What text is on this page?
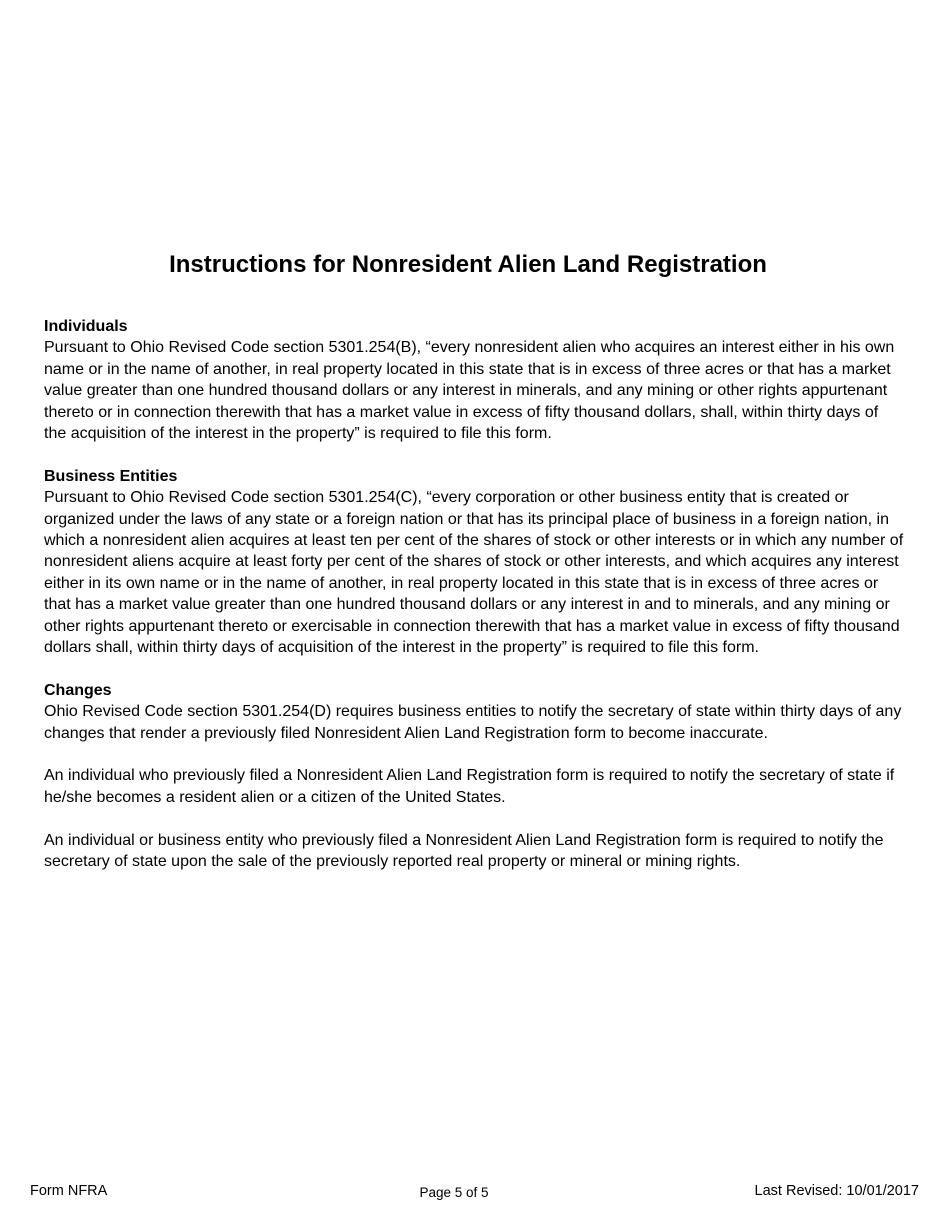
Instructions for Nonresident Alien Land Registration

Individuals

Pursuant to Ohio Revised Code section 5301.254(B), “every nonresident alien who acquires an interest either in his own name or in the name of another, in real property located in this state that is in excess of three acres or that has a market value greater than one hundred thousand dollars or any interest in minerals, and any mining or other rights appurtenant thereto or in connection therewith that has a market value in excess of fifty thousand dollars, shall, within thirty days of the acquisition of the interest in the property” is required to file this form.

Business Entities

Pursuant to Ohio Revised Code section 5301.254(C), “every corporation or other business entity that is created or organized under the laws of any state or a foreign nation or that has its principal place of business in a foreign nation, in which a nonresident alien acquires at least ten per cent of the shares of stock or other interests or in which any number of nonresident aliens acquire at least forty per cent of the shares of stock or other interests, and which acquires any interest either in its own name or in the name of another, in real property located in this state that is in excess of three acres or that has a market value greater than one hundred thousand dollars or any interest in and to minerals, and any mining or other rights appurtenant thereto or exercisable in connection therewith that has a market value in excess of fifty thousand dollars shall, within thirty days of acquisition of the interest in the property” is required to file this form.

Changes

Ohio Revised Code section 5301.254(D) requires business entities to notify the secretary of state within thirty days of any changes that render a previously filed Nonresident Alien Land Registration form to become inaccurate.

An individual who previously filed a Nonresident Alien Land Registration form is required to notify the secretary of state if he/she becomes a resident alien or a citizen of the United States.

An individual or business entity who previously filed a Nonresident Alien Land Registration form is required to notify the secretary of state upon the sale of the previously reported real property or mineral or mining rights.

Form NFRA	Page 5 of 5	Last Revised: 10/01/2017
